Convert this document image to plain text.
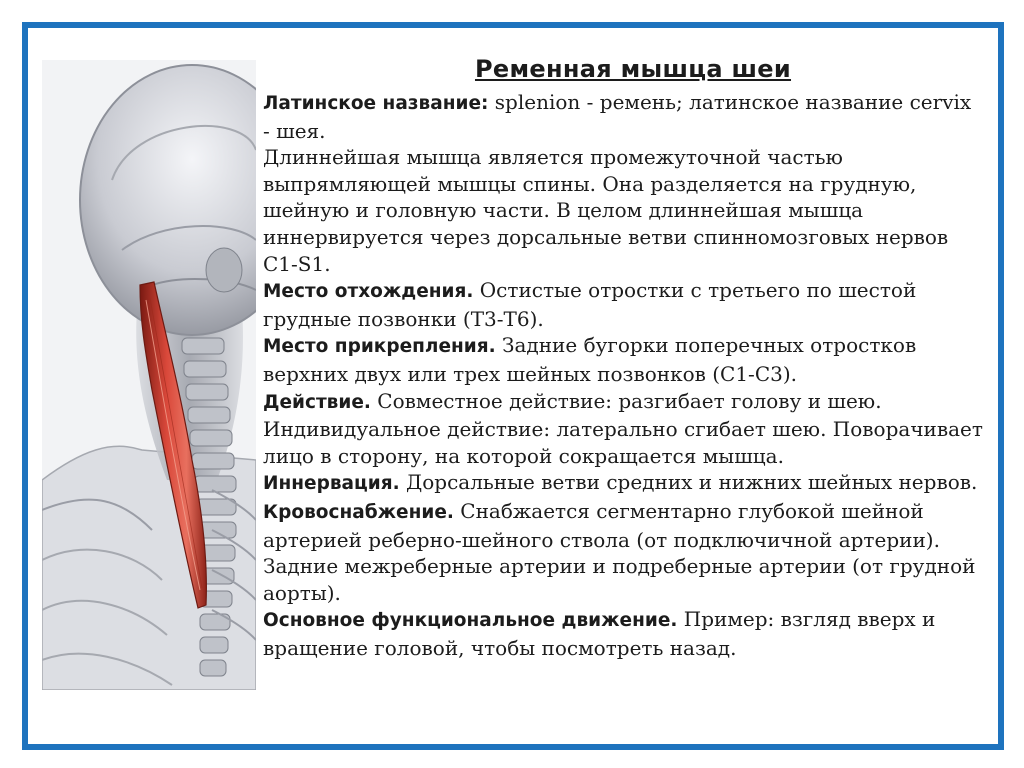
Ременная мышца шеи

Латинское название: splenion - ремень; латинское название cervix - шея.

Длиннейшая мышца является промежуточной частью выпрямляющей мышцы спины. Она разделяется на грудную, шейную и головную части. В целом длиннейшая мышца иннервируется через дорсальные ветви спинномозговых нервов С1-S1.

Место отхождения. Остистые отростки с третьего по шестой грудные позвонки (Т3-Т6).

Место прикрепления. Задние бугорки поперечных отростков верхних двух или трех шейных позвонков (С1-С3).

Действие. Совместное действие: разгибает голову и шею. Индивидуальное действие: латерально сгибает шею. Поворачивает лицо в сторону, на которой сокращается мышца.

Иннервация. Дорсальные ветви средних и нижних шейных нервов.

Кровоснабжение. Снабжается сегментарно глубокой шейной артерией реберно-шейного ствола (от подключичной артерии). Задние межреберные артерии и подреберные артерии (от грудной аорты).

Основное функциональное движение. Пример: взгляд вверх и вращение головой, чтобы посмотреть назад.
